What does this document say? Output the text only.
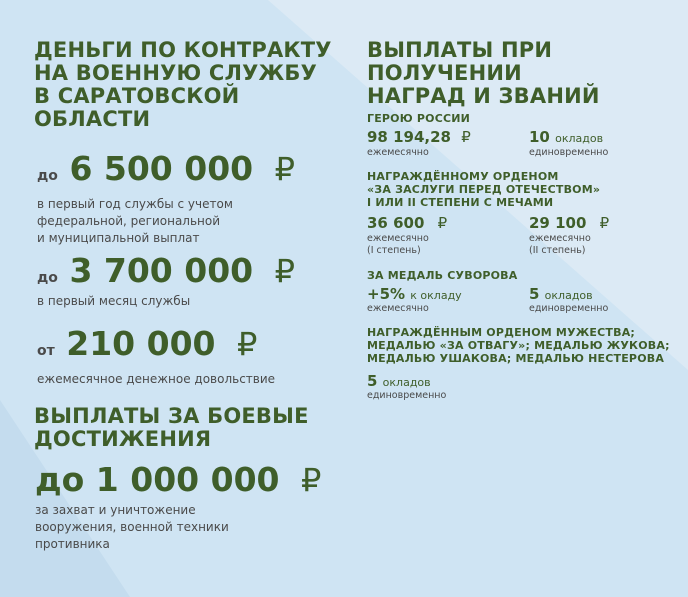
ДЕНЬГИ ПО КОНТРАКТУ
НА ВОЕННУЮ СЛУЖБУ
В САРАТОВСКОЙ
ОБЛАСТИ
до 6 500 000 ₽
в первый год службы с учетом
федеральной, региональной
и муниципальной выплат
до 3 700 000 ₽
в первый месяц службы
от 210 000 ₽
ежемесячное денежное довольствие
ВЫПЛАТЫ ЗА БОЕВЫЕ
ДОСТИЖЕНИЯ
до 1 000 000 ₽
за захват и уничтожение
вооружения, военной техники
противника
ВЫПЛАТЫ ПРИ ПОЛУЧЕНИИ
НАГРАД И ЗВАНИЙ
ГЕРОЮ РОССИИ
98 194,28 ₽
ежемесячно
10 окладов
единовременно
НАГРАЖДЁННОМУ ОРДЕНОМ
«ЗА ЗАСЛУГИ ПЕРЕД ОТЕЧЕСТВОМ»
I ИЛИ II СТЕПЕНИ С МЕЧАМИ
36 600 ₽
ежемесячно
(I степень)
29 100 ₽
ежемесячно
(II степень)
ЗА МЕДАЛЬ СУВОРОВА
+5% к окладу
ежемесячно
5 окладов
единовременно
НАГРАЖДЁННЫМ ОРДЕНОМ МУЖЕСТВА;
МЕДАЛЬЮ «ЗА ОТВАГУ»; МЕДАЛЬЮ ЖУКОВА;
МЕДАЛЬЮ УШАКОВА; МЕДАЛЬЮ НЕСТЕРОВА
5 окладов
единовременно
